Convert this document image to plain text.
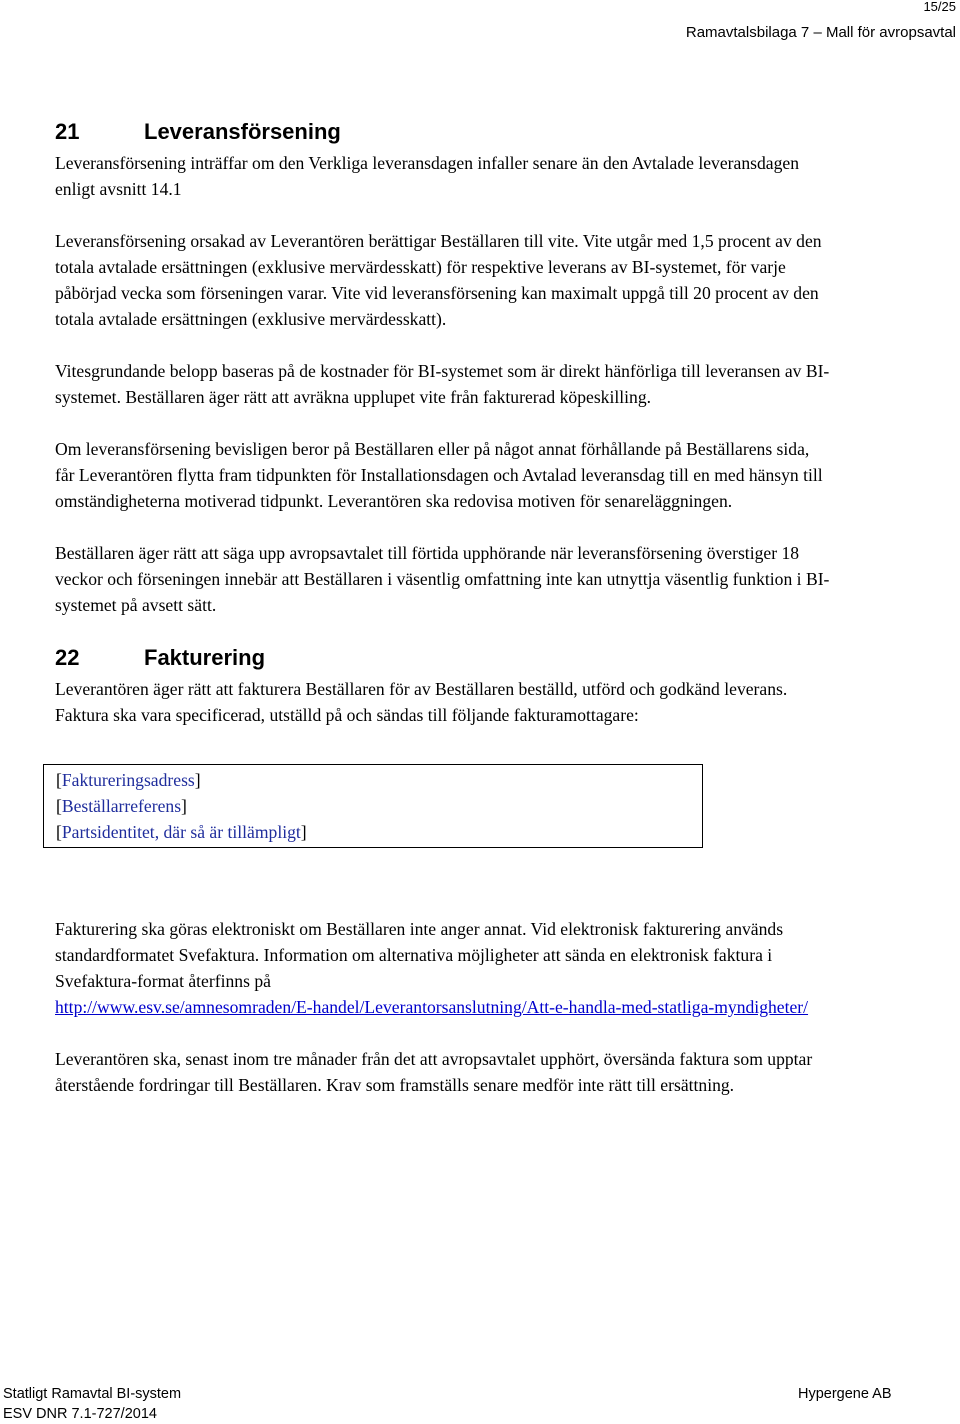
15/25
Ramavtalsbilaga 7 – Mall för avropsavtal
21	Leveransförsening

Leveransförsening inträffar om den Verkliga leveransdagen infaller senare än den Avtalade leveransdagen enligt avsnitt 14.1

Leveransförsening orsakad av Leverantören berättigar Beställaren till vite. Vite utgår med 1,5 procent av den totala avtalade ersättningen (exklusive mervärdesskatt) för respektive leverans av BI-systemet, för varje påbörjad vecka som förseningen varar. Vite vid leveransförsening kan maximalt uppgå till 20 procent av den totala avtalade ersättningen (exklusive mervärdesskatt).

Vitesgrundande belopp baseras på de kostnader för BI-systemet som är direkt hänförliga till leveransen av BI-systemet. Beställaren äger rätt att avräkna upplupet vite från fakturerad köpeskilling.

Om leveransförsening bevisligen beror på Beställaren eller på något annat förhållande på Beställarens sida, får Leverantören flytta fram tidpunkten för Installationsdagen och Avtalad leveransdag till en med hänsyn till omständigheterna motiverad tidpunkt. Leverantören ska redovisa motiven för senareläggningen.

Beställaren äger rätt att säga upp avropsavtalet till förtida upphörande när leveransförsening överstiger 18 veckor och förseningen innebär att Beställaren i väsentlig omfattning inte kan utnyttja väsentlig funktion i BI-systemet på avsett sätt.

22	Fakturering

Leverantören äger rätt att fakturera Beställaren för av Beställaren beställd, utförd och godkänd leverans. Faktura ska vara specificerad, utställd på och sändas till följande fakturamottagare:

[Faktureringsadress]
[Beställarreferens]
[Partsidentitet, där så är tillämpligt]

Fakturering ska göras elektroniskt om Beställaren inte anger annat. Vid elektronisk fakturering används standardformatet Svefaktura. Information om alternativa möjligheter att sända en elektronisk faktura i Svefaktura-format återfinns på
http://www.esv.se/amnesomraden/E-handel/Leverantorsanslutning/Att-e-handla-med-statliga-myndigheter/

Leverantören ska, senast inom tre månader från det att avropsavtalet upphört, översända faktura som upptar återstående fordringar till Beställaren. Krav som framställs senare medför inte rätt till ersättning.

Statligt Ramavtal BI-system
ESV DNR 7.1-727/2014
Hypergene AB
